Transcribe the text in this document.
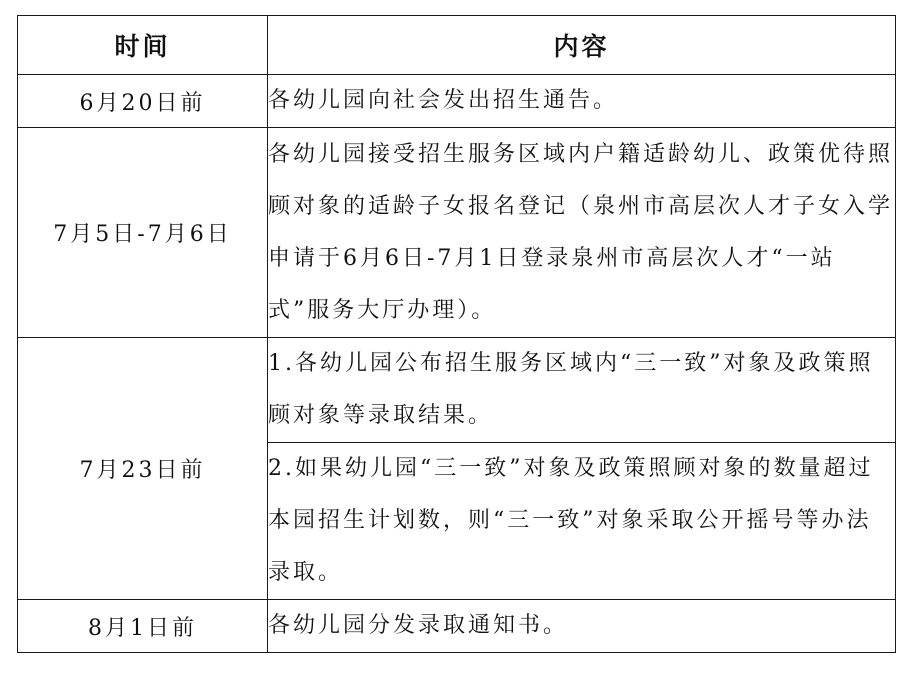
时间	内容
6月20日前	各幼儿园向社会发出招生通告。
7月5日-7月6日	各幼儿园接受招生服务区域内户籍适龄幼儿、政策优待照顾对象的适龄子女报名登记（泉州市高层次人才子女入学申请于6月6日-7月1日登录泉州市高层次人才“一站式”服务大厅办理）。
7月23日前	1.各幼儿园公布招生服务区域内“三一致”对象及政策照顾对象等录取结果。
	2.如果幼儿园“三一致”对象及政策照顾对象的数量超过本园招生计划数，则“三一致”对象采取公开摇号等办法录取。
8月1日前	各幼儿园分发录取通知书。
